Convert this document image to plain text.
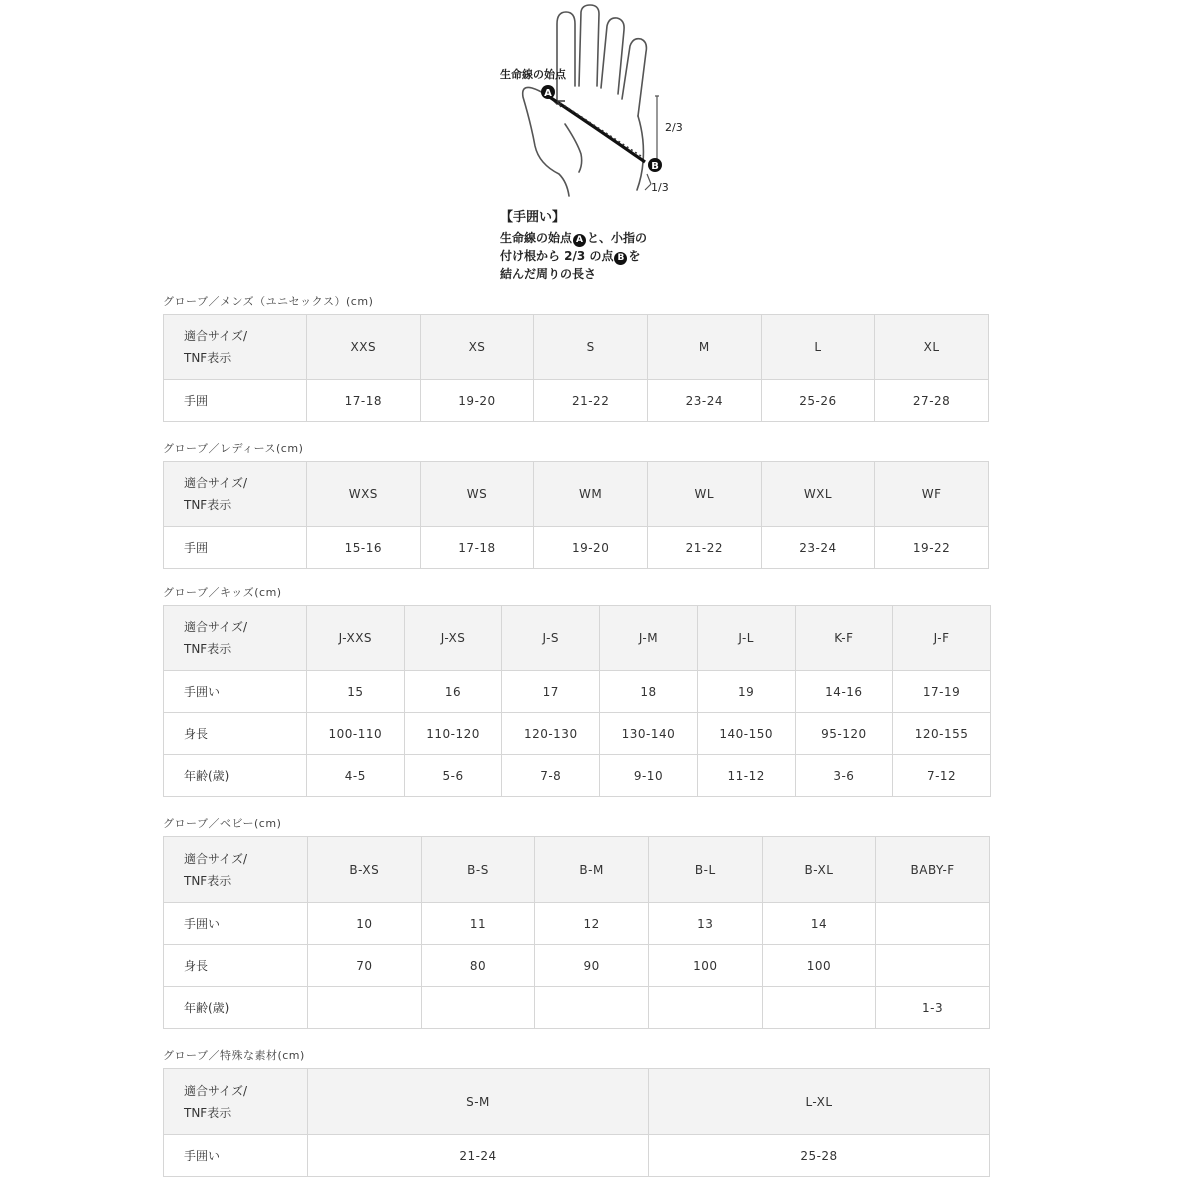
A
B
生命線の始点
2/3
1/3
【手囲い】
生命線の始点 A と、小指の
付け根から 2/3 の点 B を
結んだ周りの長さ
グローブ／メンズ（ユニセックス）(cm)
適合サイズ/
TNF表示	XXS	XS	S	M	L	XL
手囲	17-18	19-20	21-22	23-24	25-26	27-28
グローブ／レディース(cm)
適合サイズ/
TNF表示	WXS	WS	WM	WL	WXL	WF
手囲	15-16	17-18	19-20	21-22	23-24	19-22
グローブ／キッズ(cm)
適合サイズ/
TNF表示	J-XXS	J-XS	J-S	J-M	J-L	K-F	J-F
手囲い	15	16	17	18	19	14-16	17-19
身長	100-110	110-120	120-130	130-140	140-150	95-120	120-155
年齢(歳)	4-5	5-6	7-8	9-10	11-12	3-6	7-12
グローブ／ベビー(cm)
適合サイズ/
TNF表示	B-XS	B-S	B-M	B-L	B-XL	BABY-F
手囲い	10	11	12	13	14	
身長	70	80	90	100	100	
年齢(歳)						1-3
グローブ／特殊な素材(cm)
適合サイズ/
TNF表示	S-M	L-XL
手囲い	21-24	25-28
